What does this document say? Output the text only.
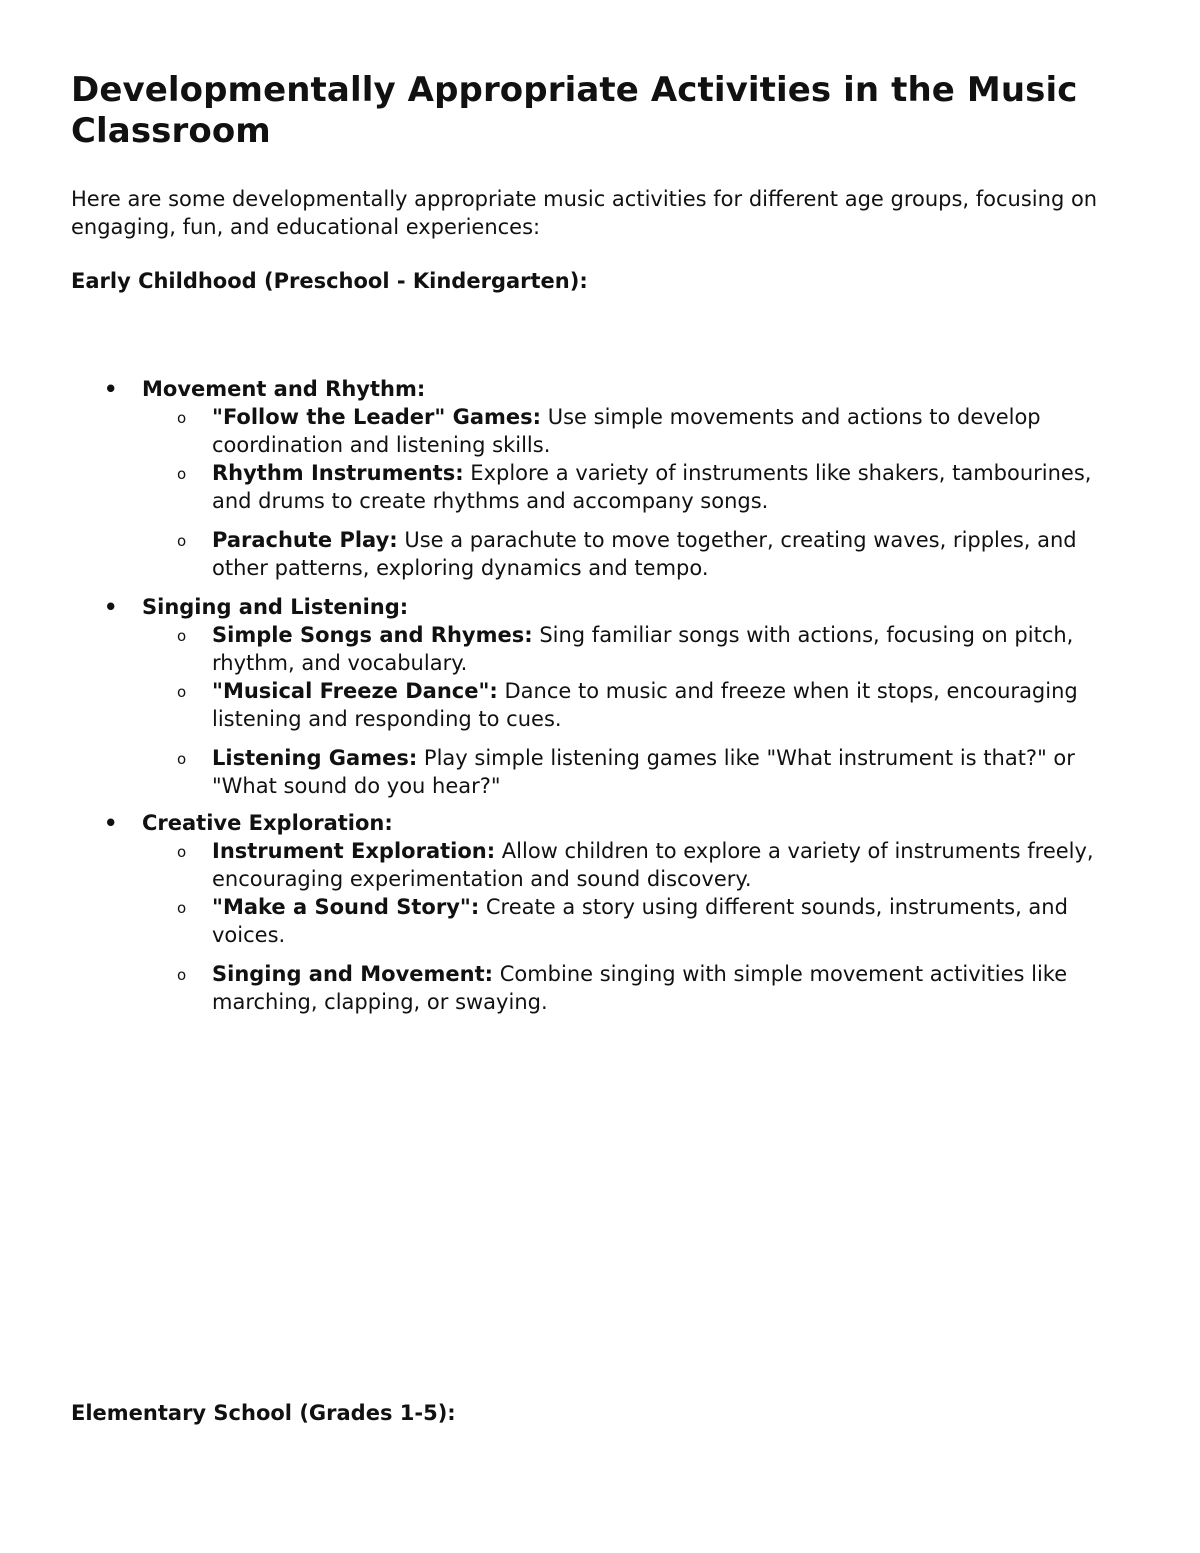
Developmentally Appropriate Activities in the Music Classroom

Here are some developmentally appropriate music activities for different age groups, focusing on engaging, fun, and educational experiences:

Early Childhood (Preschool - Kindergarten):
• Movement and Rhythm:
o "Follow the Leader" Games: Use simple movements and actions to develop coordination and listening skills.
o Rhythm Instruments: Explore a variety of instruments like shakers, tambourines, and drums to create rhythms and accompany songs.
o Parachute Play: Use a parachute to move together, creating waves, ripples, and other patterns, exploring dynamics and tempo.
• Singing and Listening:
o Simple Songs and Rhymes: Sing familiar songs with actions, focusing on pitch, rhythm, and vocabulary.
o "Musical Freeze Dance": Dance to music and freeze when it stops, encouraging listening and responding to cues.
o Listening Games: Play simple listening games like "What instrument is that?" or "What sound do you hear?"
• Creative Exploration:
o Instrument Exploration: Allow children to explore a variety of instruments freely, encouraging experimentation and sound discovery.
o "Make a Sound Story": Create a story using different sounds, instruments, and voices.
o Singing and Movement: Combine singing with simple movement activities like marching, clapping, or swaying.
Elementary School (Grades 1-5):
